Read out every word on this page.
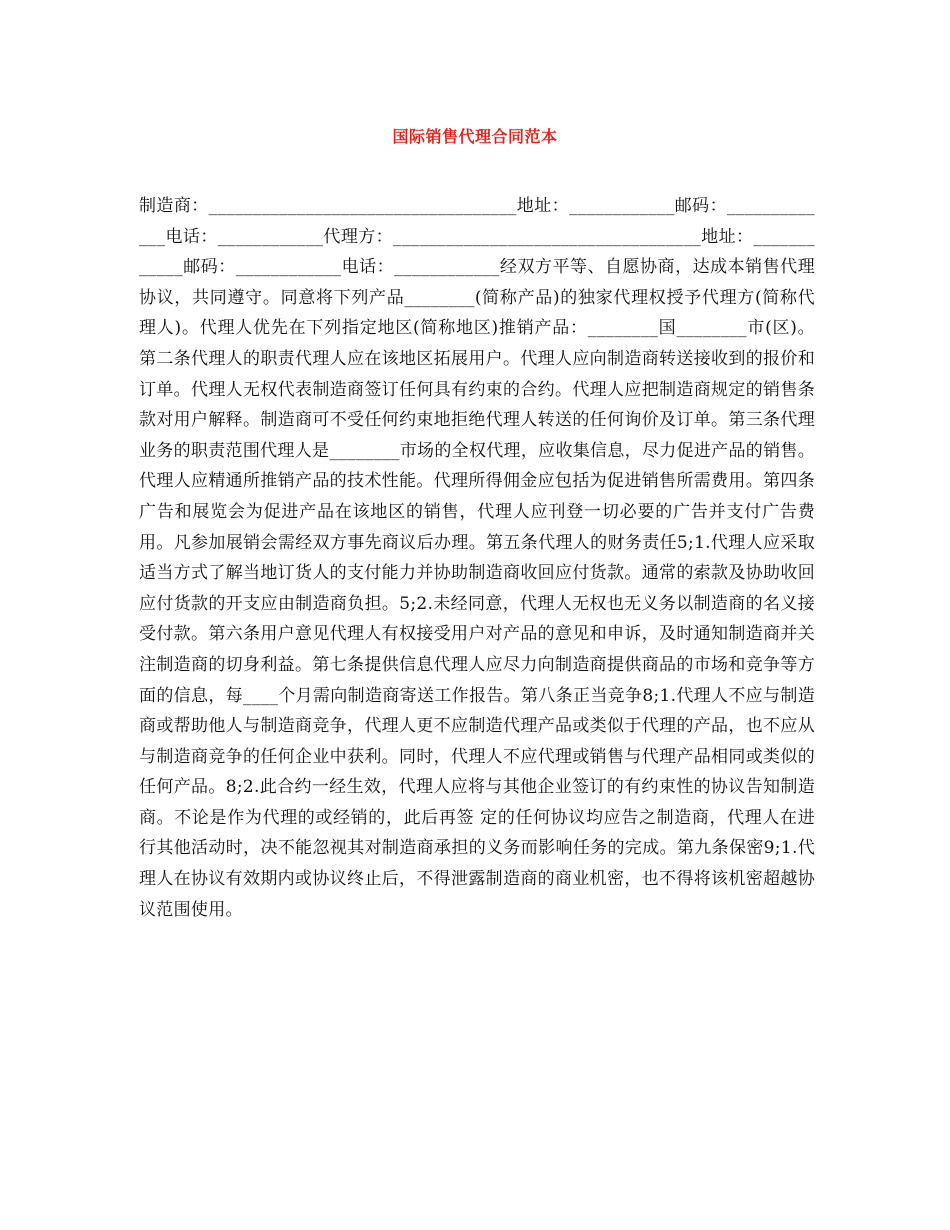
国际销售代理合同范本

制造商：___________________________________地址：____________邮码：_____________电话：____________代理方：___________________________________地址：____________邮码：____________电话：____________经双方平等、自愿协商，达成本销售代理协议，共同遵守。同意将下列产品________(简称产品)的独家代理权授予代理方(简称代理人)。代理人优先在下列指定地区(简称地区)推销产品：________国________市(区)。第二条代理人的职责代理人应在该地区拓展用户。代理人应向制造商转送接收到的报价和订单。代理人无权代表制造商签订任何具有约束的合约。代理人应把制造商规定的销售条款对用户解释。制造商可不受任何约束地拒绝代理人转送的任何询价及订单。第三条代理业务的职责范围代理人是________市场的全权代理，应收集信息，尽力促进产品的销售。代理人应精通所推销产品的技术性能。代理所得佣金应包括为促进销售所需费用。第四条广告和展览会为促进产品在该地区的销售，代理人应刊登一切必要的广告并支付广告费用。凡参加展销会需经双方事先商议后办理。第五条代理人的财务责任5;1.代理人应采取适当方式了解当地订货人的支付能力并协助制造商收回应付货款。通常的索款及协助收回应付货款的开支应由制造商负担。5;2.未经同意，代理人无权也无义务以制造商的名义接受付款。第六条用户意见代理人有权接受用户对产品的意见和申诉，及时通知制造商并关注制造商的切身利益。第七条提供信息代理人应尽力向制造商提供商品的市场和竞争等方面的信息，每____个月需向制造商寄送工作报告。第八条正当竞争8;1.代理人不应与制造商或帮助他人与制造商竞争，代理人更不应制造代理产品或类似于代理的产品，也不应从与制造商竞争的任何企业中获利。同时，代理人不应代理或销售与代理产品相同或类似的任何产品。8;2.此合约一经生效，代理人应将与其他企业签订的有约束性的协议告知制造商。不论是作为代理的或经销的，此后再签 定的任何协议均应告之制造商，代理人在进行其他活动时，决不能忽视其对制造商承担的义务而影响任务的完成。第九条保密9;1.代理人在协议有效期内或协议终止后，不得泄露制造商的商业机密，也不得将该机密超越协议范围使用。
